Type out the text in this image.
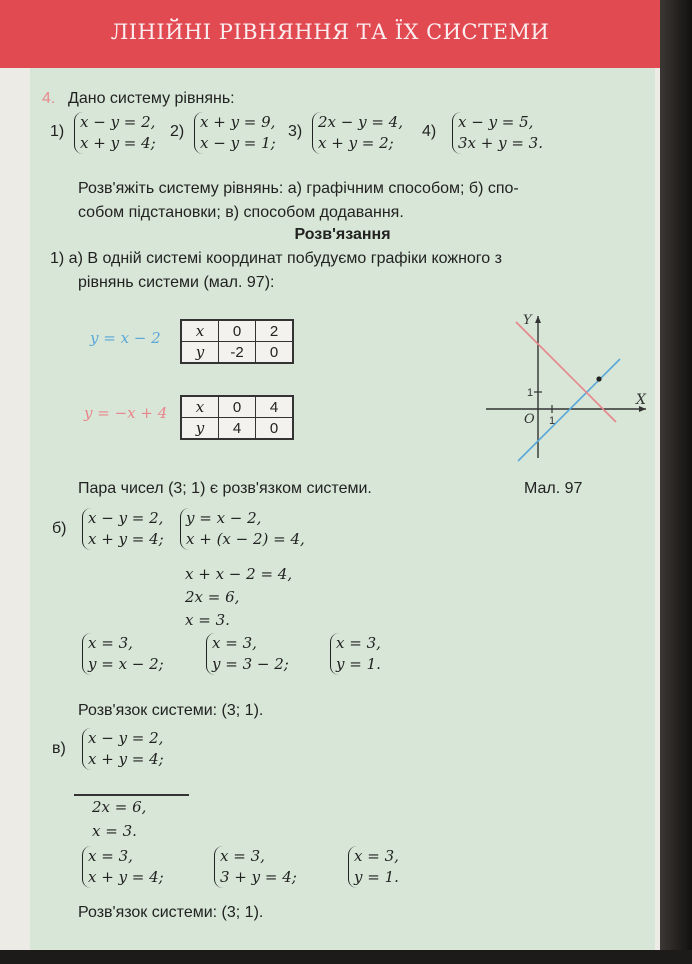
ЛІНІЙНІ РІВНЯННЯ ТА ЇХ СИСТЕМИ
4. Дано систему рівнянь:
1)
x − y = 2,
x + y = 4;
2)
x + y = 9,
x − y = 1;
3)
2x − y = 4,
x + y = 2;
4)
x − y = 5,
3x + y = 3.
Розв'яжіть систему рівнянь: а) графічним способом; б) спо-
собом підстановки; в) способом додавання.
Розв'язання
1) а) В одній системі координат побудуємо графіки кожного з
рівнянь системи (мал. 97):
y = x − 2 x	0	2
y	-2	0
y = −x + 4 x	0	4
y	4	0
Y
X
O 1
1
Пара чисел (3; 1) є розв'язком системи.	Мал. 97
б)
x − y = 2,
x + y = 4;
y = x − 2,
x + (x − 2) = 4,
x + x − 2 = 4,
2x = 6,
x = 3.
x = 3,
y = x − 2;
x = 3,
y = 3 − 2;
x = 3,
y = 1.
Розв'язок системи: (3; 1).
в)
x − y = 2,
x + y = 4;
2x = 6,
x = 3.
x = 3,
x + y = 4;
x = 3,
3 + y = 4;
x = 3,
y = 1.
Розв'язок системи: (3; 1).
